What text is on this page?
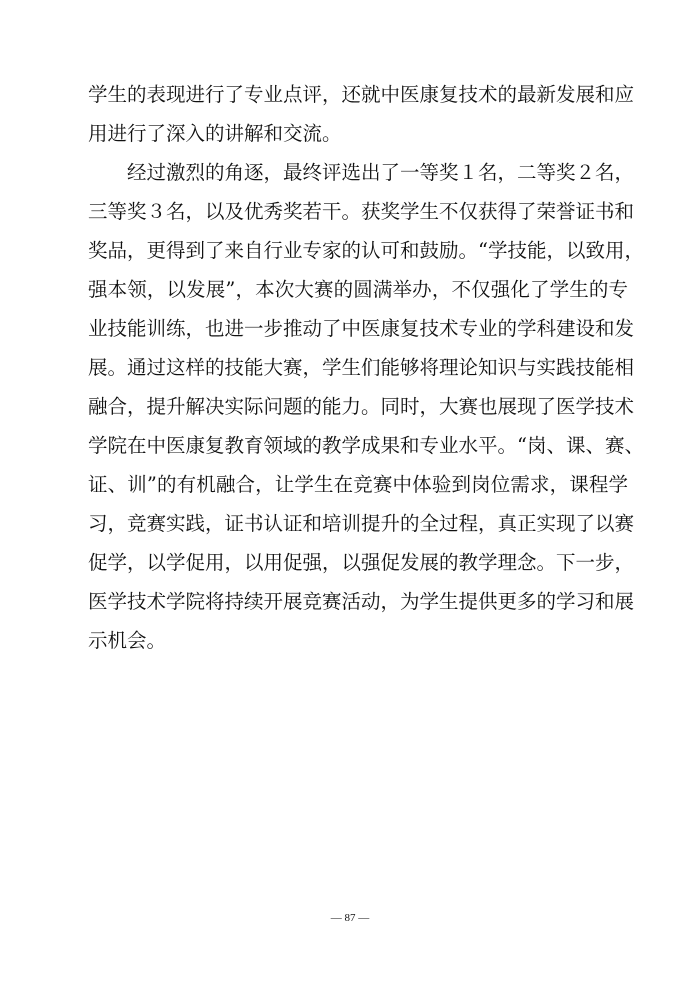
学生的表现进行了专业点评，还就中医康复技术的最新发展和应
用进行了深入的讲解和交流。
　　经过激烈的角逐，最终评选出了一等奖１名，二等奖２名，
三等奖３名，以及优秀奖若干。获奖学生不仅获得了荣誉证书和
奖品，更得到了来自行业专家的认可和鼓励。“学技能，以致用，
强本领，以发展”，本次大赛的圆满举办，不仅强化了学生的专
业技能训练，也进一步推动了中医康复技术专业的学科建设和发
展。通过这样的技能大赛，学生们能够将理论知识与实践技能相
融合，提升解决实际问题的能力。同时，大赛也展现了医学技术
学院在中医康复教育领域的教学成果和专业水平。“岗、课、赛、
证、训”的有机融合，让学生在竞赛中体验到岗位需求，课程学
习，竞赛实践，证书认证和培训提升的全过程，真正实现了以赛
促学，以学促用，以用促强，以强促发展的教学理念。下一步，
医学技术学院将持续开展竞赛活动，为学生提供更多的学习和展
示机会。
— 87 —
